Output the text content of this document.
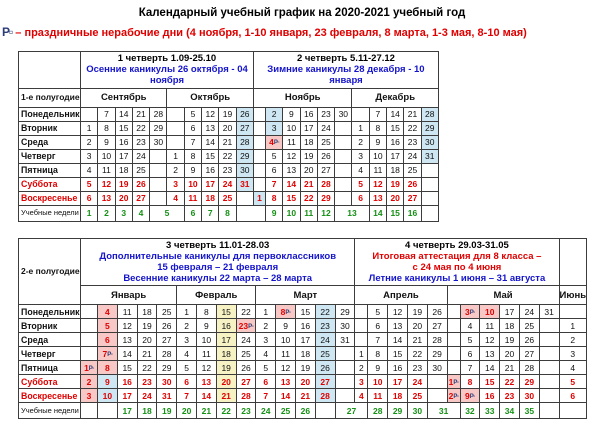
Календарный учебный график на 2020-2021 учебный год
P▫ – праздничные нерабочие дни (4 ноября, 1-10 января, 23 февраля, 8 марта, 1-3 мая, 8-10 мая)

1 четверть 1.09-25.10
Осенние каникулы 26 октября - 04 ноября

2 четверть 5.11-27.12
Зимние каникулы 28 декабря - 10 января

1-е полугодие	Сентябрь					Октябрь					Ноябрь						Декабрь				
Понедельник		7	14	21	28		5	12	19	26		2	9	16	23	30		7	14	21	28
Вторник	1	8	15	22	29		6	13	20	27		3	10	17	24		1	8	15	22	29
Среда	2	9	16	23	30		7	14	21	28		4P▫	11	18	25		2	9	16	23	30
Четверг	3	10	17	24		1	8	15	22	29		5	12	19	26		3	10	17	24	31
Пятница	4	11	18	25		2	9	16	23	30		6	13	20	27		4	11	18	25	
Суббота	5	12	19	26		3	10	17	24	31		7	14	21	28		5	12	19	26	
Воскресенье	6	13	20	27		4	11	18	25		1	8	15	22	29		6	13	20	27	
Учебные недели	1	2	3	4	5		6	7	8			9	10	11	12	13		14	15	16	
2-е полугодие	
3 четверть 11.01-28.03
Дополнительные каникулы для первоклассников
15 февраля – 21 февраля
Весенние каникулы 22 марта – 28 марта

4 четверть 29.03-31.05
Итоговая аттестация для 8 класса –
с 24 мая по 4 июня
Летние каникулы 1 июня – 31 августа

	Январь					Февраль				Март					Апрель					Май						Июнь
Понедельник		4	11	18	25	1	8	15	22	1	8P▫	15	22	29		5	12	19	26		3P▫	10	17	24	31	
Вторник		5	12	19	26	2	9	16	23P▫	2	9	16	23	30		6	13	20	27		4	11	18	25		1
Среда		6	13	20	27	3	10	17	24	3	10	17	24	31		7	14	21	28		5	12	19	26		2
Четверг		7P▫	14	21	28	4	11	18	25	4	11	18	25		1	8	15	22	29		6	13	20	27		3
Пятница	1P▫	8	15	22	29	5	12	19	26	5	12	19	26		2	9	16	23	30		7	14	21	28		4
Суббота	2	9	16	23	30	6	13	20	27	6	13	20	27		3	10	17	24		1P▫	8	15	22	29		5
Воскресенье	3	10	17	24	31	7	14	21	28	7	14	21	28		4	11	18	25		2P▫	9P▫	16	23	30		6
Учебные недели			17	18	19	20	21	22	23	24	25	26		27		28	29	30	31		32	33	34	35		
